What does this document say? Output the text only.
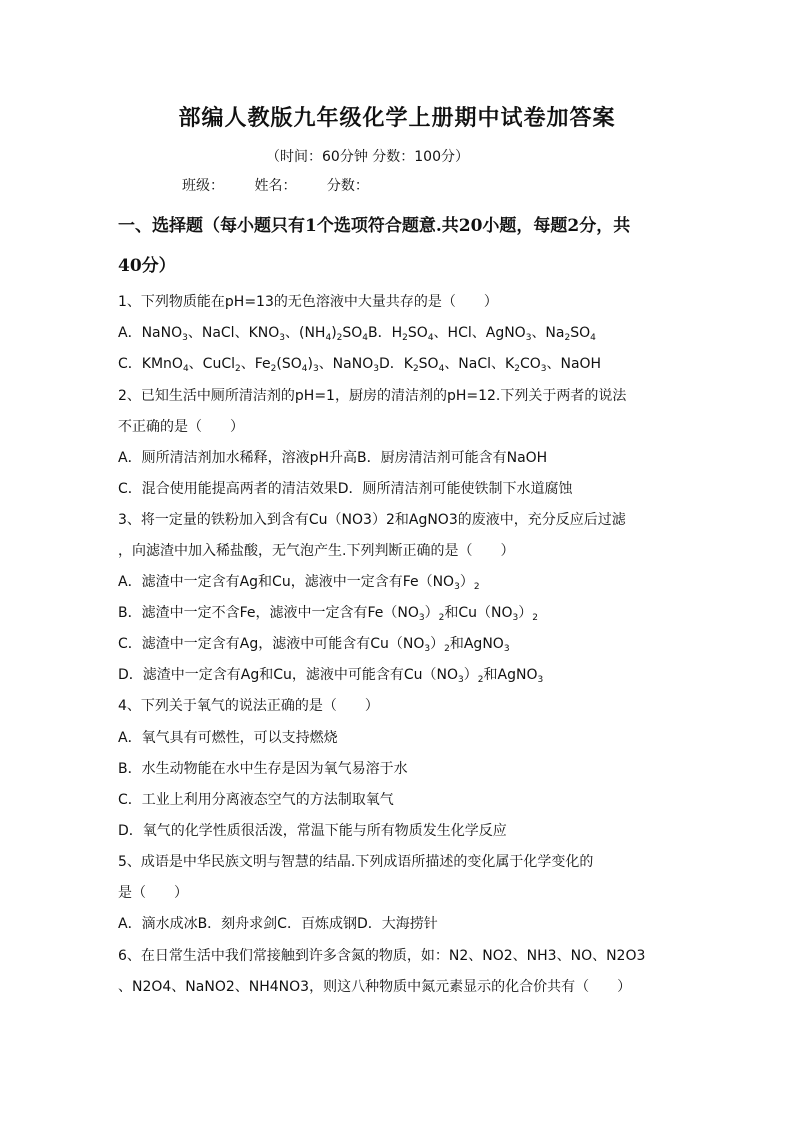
部编人教版九年级化学上册期中试卷加答案
（时间：60分钟 分数：100分）
班级： 姓名： 分数：
一、选择题（每小题只有1个选项符合题意.共20小题，每题2分，共
40分）
1、下列物质能在pH=13的无色溶液中大量共存的是（　　）
A．NaNO$_3$、NaCl、$KNO_3$、$(NH_4)_2SO_4B$．$H_2SO_4$、HCl、AgNO$_3$、$Na_2SO_4$
C．KMnO$_4$、CuCl$_2$、$Fe_2(SO_4)_3$、NaNO$_3$D．$K_2SO_4$、NaCl、$K_2CO_3$、NaOH
2、已知生活中厕所清洁剂的pH=1，厨房的清洁剂的pH=12.下列关于两者的说法
不正确的是（　　）
A．厕所清洁剂加水稀释，溶液pH升高B．厨房清洁剂可能含有NaOH
C．混合使用能提高两者的清洁效果D．厕所清洁剂可能使铁制下水道腐蚀
3、将一定量的铁粉加入到含有Cu（NO3）2和AgNO3的废液中，充分反应后过滤
，向滤渣中加入稀盐酸，无气泡产生.下列判断正确的是（　　）
A．滤渣中一定含有Ag和Cu，滤液中一定含有$Fe(NO_3)_2$
B．滤渣中一定不含Fe，滤液中一定含有$Fe(NO_3)_2$和$Cu(NO_3)_2$
C．滤渣中一定含有Ag，滤液中可能含有$Cu(NO_3)_2$和AgNO$_3$
D．滤渣中一定含有Ag和Cu，滤液中可能含有$Cu(NO_3)_2$和AgNO$_3$
4、下列关于氧气的说法正确的是（　　）
A．氧气具有可燃性，可以支持燃烧
B．水生动物能在水中生存是因为氧气易溶于水
C．工业上利用分离液态空气的方法制取氧气
D．氧气的化学性质很活泼，常温下能与所有物质发生化学反应
5、成语是中华民族文明与智慧的结晶.下列成语所描述的变化属于化学变化的
是（　　）
A．滴水成冰B．刻舟求剑C．百炼成钢D．大海捞针
6、在日常生活中我们常接触到许多含氮的物质，如：N2、NO2、NH3、NO、N2O3
、N2O4、NaNO2、NH4NO3，则这八种物质中氮元素显示的化合价共有（　　）
